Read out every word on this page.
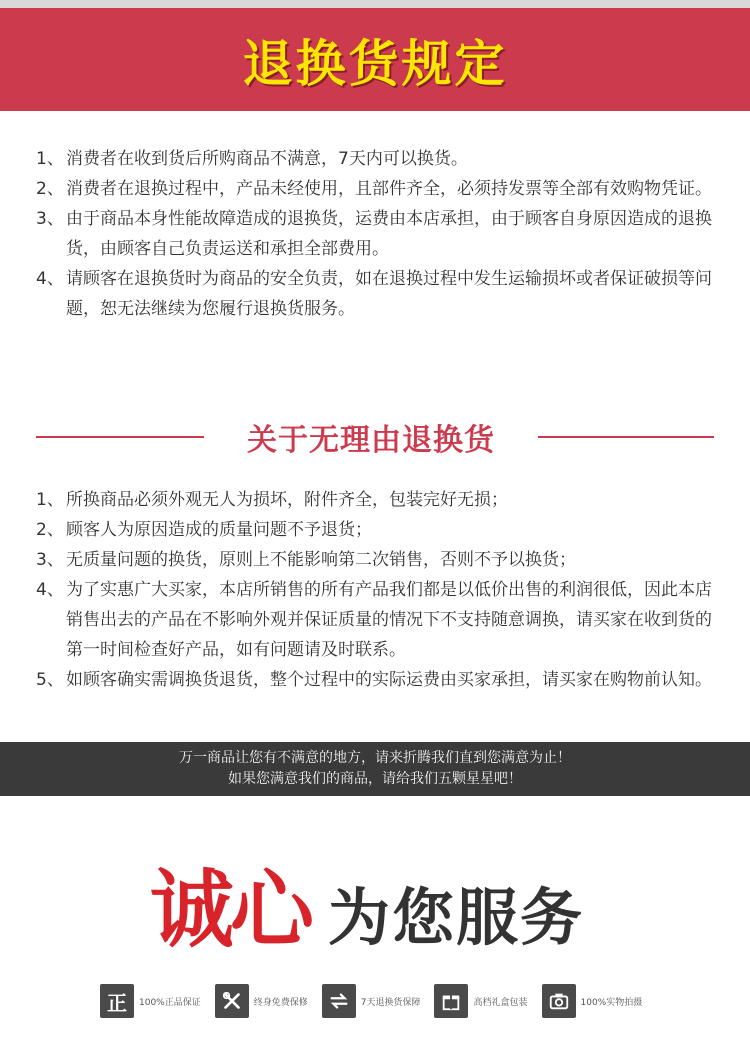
退换货规定
1、 消费者在收到货后所购商品不满意，7天内可以换货。
2、 消费者在退换过程中，产品未经使用，且部件齐全，必须持发票等全部有效购物凭证。
3、 由于商品本身性能故障造成的退换货，运费由本店承担，由于顾客自身原因造成的退换货，由顾客自己负责运送和承担全部费用。
4、 请顾客在退换货时为商品的安全负责，如在退换过程中发生运输损坏或者保证破损等问题，恕无法继续为您履行退换货服务。
关于无理由退换货
1、 所换商品必须外观无人为损坏，附件齐全，包装完好无损；
2、 顾客人为原因造成的质量问题不予退货；
3、 无质量问题的换货，原则上不能影响第二次销售，否则不予以换货；
4、 为了实惠广大买家，本店所销售的所有产品我们都是以低价出售的利润很低，因此本店销售出去的产品在不影响外观并保证质量的情况下不支持随意调换，请买家在收到货的第一时间检查好产品，如有问题请及时联系。
5、 如顾客确实需调换货退货，整个过程中的实际运费由买家承担，请买家在购物前认知。
万一商品让您有不满意的地方，请来折腾我们直到您满意为止！
如果您满意我们的商品，请给我们五颗星星吧！
诚心 为您服务
正 100%正品保证	终身免费保修	7天退换货保障	高档礼盒包装	100%实物拍摄
